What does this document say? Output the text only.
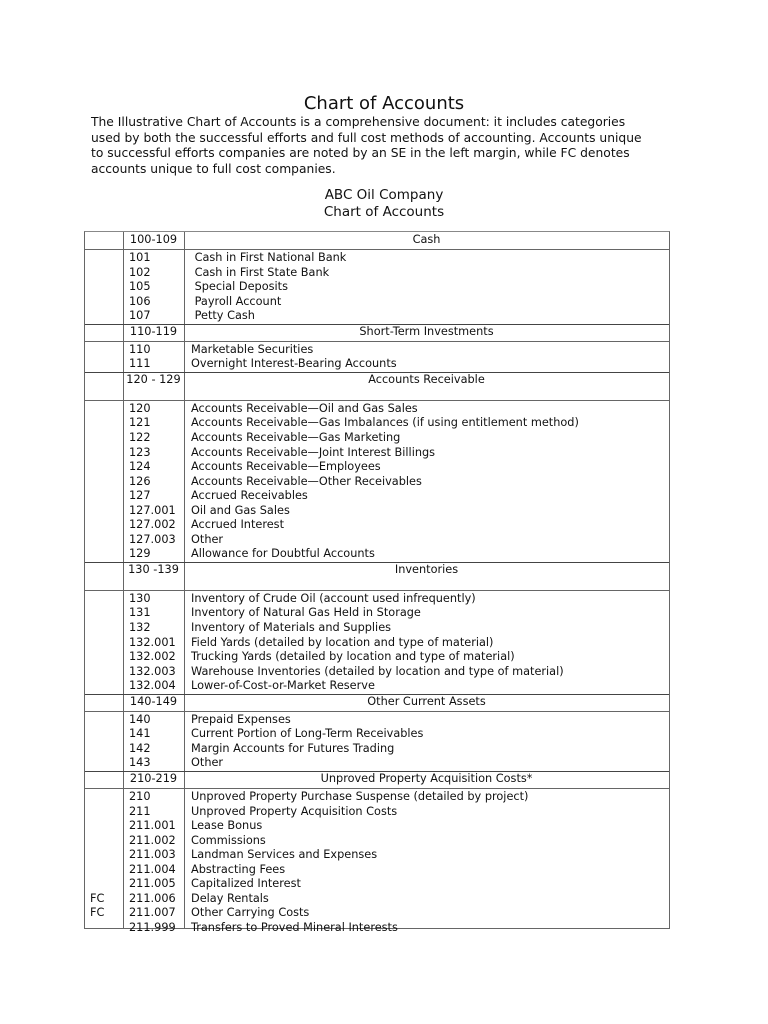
Chart of Accounts
The Illustrative Chart of Accounts is a comprehensive document: it includes categories
used by both the successful efforts and full cost methods of accounting. Accounts unique
to successful efforts companies are noted by an SE in the left margin, while FC denotes
accounts unique to full cost companies.
ABC Oil Company
Chart of Accounts
100-109	Cash
101	Cash in First National Bank
102	Cash in First State Bank
105	Special Deposits
106	Payroll Account
107	Petty Cash
110-119	Short-Term Investments
110	Marketable Securities
111	Overnight Interest-Bearing Accounts
120 - 129	Accounts Receivable
120	Accounts Receivable—Oil and Gas Sales
121	Accounts Receivable—Gas Imbalances (if using entitlement method)
122	Accounts Receivable—Gas Marketing
123	Accounts Receivable—Joint Interest Billings
124	Accounts Receivable—Employees
126	Accounts Receivable—Other Receivables
127	Accrued Receivables
127.001 Oil and Gas Sales
127.002 Accrued Interest
127.003 Other
129	Allowance for Doubtful Accounts
130 -139	Inventories
130	Inventory of Crude Oil (account used infrequently)
131	Inventory of Natural Gas Held in Storage
132	Inventory of Materials and Supplies
132.001 Field Yards (detailed by location and type of material)
132.002 Trucking Yards (detailed by location and type of material)
132.003 Warehouse Inventories (detailed by location and type of material)
132.004 Lower-of-Cost-or-Market Reserve
140-149	Other Current Assets
140	Prepaid Expenses
141	Current Portion of Long-Term Receivables
142	Margin Accounts for Futures Trading
143	Other
210-219	Unproved Property Acquisition Costs*
210	Unproved Property Purchase Suspense (detailed by project)
211	Unproved Property Acquisition Costs
211.001 Lease Bonus
211.002 Commissions
211.003 Landman Services and Expenses
211.004 Abstracting Fees
211.005 Capitalized Interest
FC 211.006 Delay Rentals
FC 211.007 Other Carrying Costs
211.999 Transfers to Proved Mineral Interests
